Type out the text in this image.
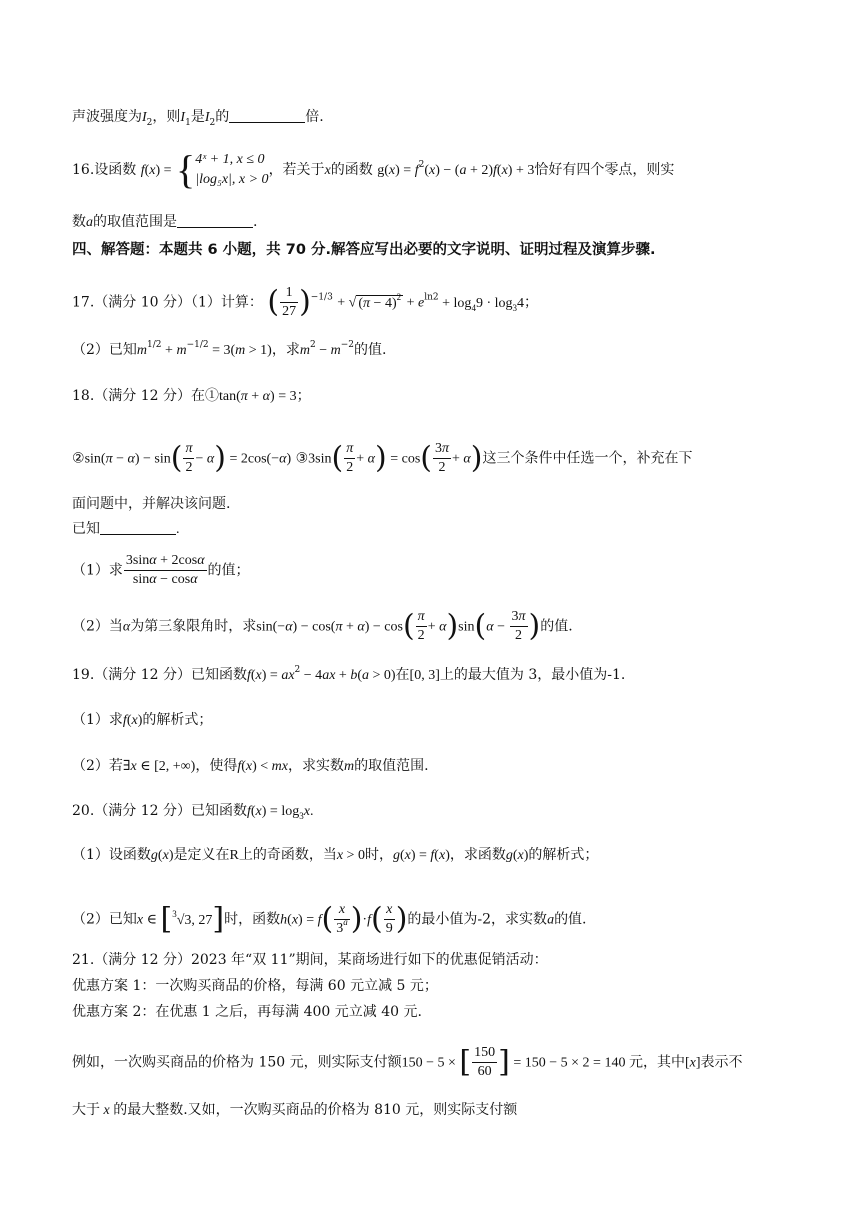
声波强度为$I_2$，则$I_1$是$I_2$的	倍.
16.设函数 f(x) = { 4ˣ + 1, x ≤ 0
|log₅x|, x > 0
，若关于x的函数 $g(x) = f^2(x) - (a + 2)f(x) + 3$恰好有四个零点，则实
数a的取值范围是	.
四、解答题：本题共 6 小题，共 70 分.解答应写出必要的文字说明、证明过程及演算步骤.
17.（满分 10 分）（1）计算： ( $\frac{1}{27} )^{-1/3}$ + √ $(\pi - 4)^2 + e^{ln2} + \log_49 \cdot \log_34$；
（2）已知$m^{1/2} + m^{-1/2} = 3(m > 1)$，求$m^2 - m^{-2}$的值.
18.（满分 12 分）在①tan(π + α) = 3；
②sin(π − $\alpha) - \sin( \frac{\pi}{2} - \alpha) = 2\cos(-\alpha)$ ③3sin( $\frac{\pi}{2} + \alpha) = \cos( \frac{3\pi}{2} + \alpha)$这三个条件中任选一个，补充在下
面问题中，并解决该问题.
已知	.
（1）求 $\frac{3\sin\alpha + 2\cos\alpha}{\sin\alpha - \cos\alpha}$ 的值；
（2）当α为第三象限角时，求$\sin(-\alpha) - \cos(\pi + \alpha) - \cos( \frac{\pi}{2} + \alpha)\sin(\alpha - \frac{3\pi}{2}$ )的值.
19.（满分 12 分）已知函数$f(x) = ax^2 - 4ax + b(a > 0)$在[0, 3]上的最大值为 3，最小值为-1.
（1）求f(x)的解析式；
（2）若∃x ∈ [2, +∞)，使得f(x) < mx，求实数m的取值范围.
20.（满分 12 分）已知函数$f(x) = \log_3x$.
（1）设函数g(x)是定义在R上的奇函数，当x > 0时，g(x) = f(x)，求函数g(x)的解析式；
（2）已知x ∈ [$^3$√3, 27]时，函数$h(x) = f( \frac{x}{3^a} )\cdot f( \frac{x}{9}$ )的最小值为-2，求实数a的值.
21.（满分 12 分）2023 年“双 11”期间，某商场进行如下的优惠促销活动：
优惠方案 1：一次购买商品的价格，每满 60 元立减 5 元；
优惠方案 2：在优惠 1 之后，再每满 400 元立减 40 元.
例如，一次购买商品的价格为 150 元，则实际支付额150 − 5 × [ $\frac{150}{60}$ ] = 150 − 5 × 2 = 140 元，其中[x]表示不
大于 x 的最大整数.又如，一次购买商品的价格为 810 元，则实际支付额
